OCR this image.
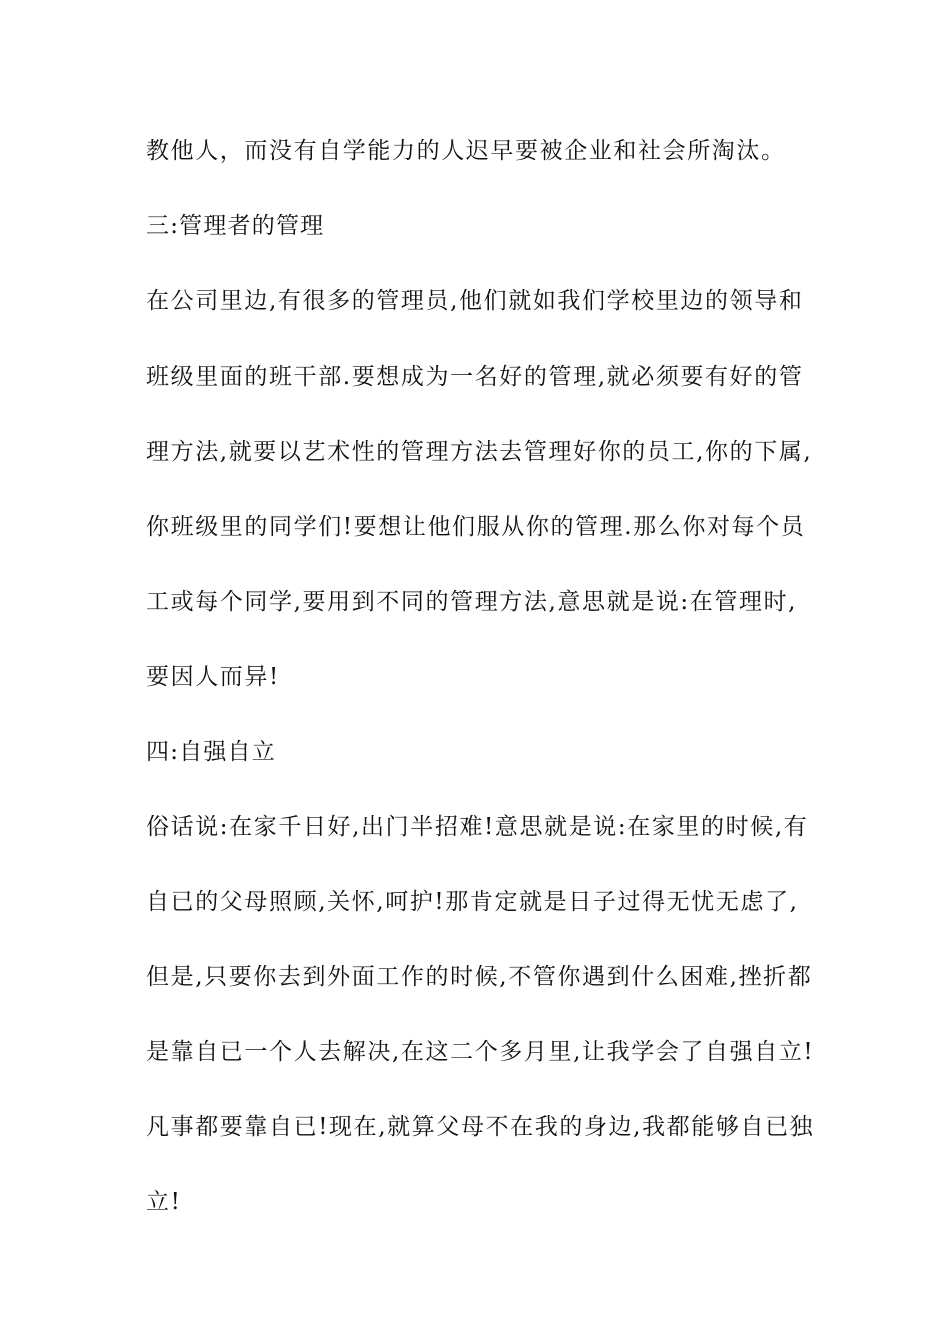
教他人，而没有自学能力的人迟早要被企业和社会所淘汰。
三:管理者的管理
在公司里边,有很多的管理员,他们就如我们学校里边的领导和
班级里面的班干部.要想成为一名好的管理,就必须要有好的管
理方法,就要以艺术性的管理方法去管理好你的员工,你的下属,
你班级里的同学们!要想让他们服从你的管理.那么你对每个员
工或每个同学,要用到不同的管理方法,意思就是说:在管理时,
要因人而异!
四:自强自立
俗话说:在家千日好,出门半招难!意思就是说:在家里的时候,有
自已的父母照顾,关怀,呵护!那肯定就是日子过得无忧无虑了,
但是,只要你去到外面工作的时候,不管你遇到什么困难,挫折都
是靠自已一个人去解决,在这二个多月里,让我学会了自强自立!
凡事都要靠自已!现在,就算父母不在我的身边,我都能够自已独
立!
